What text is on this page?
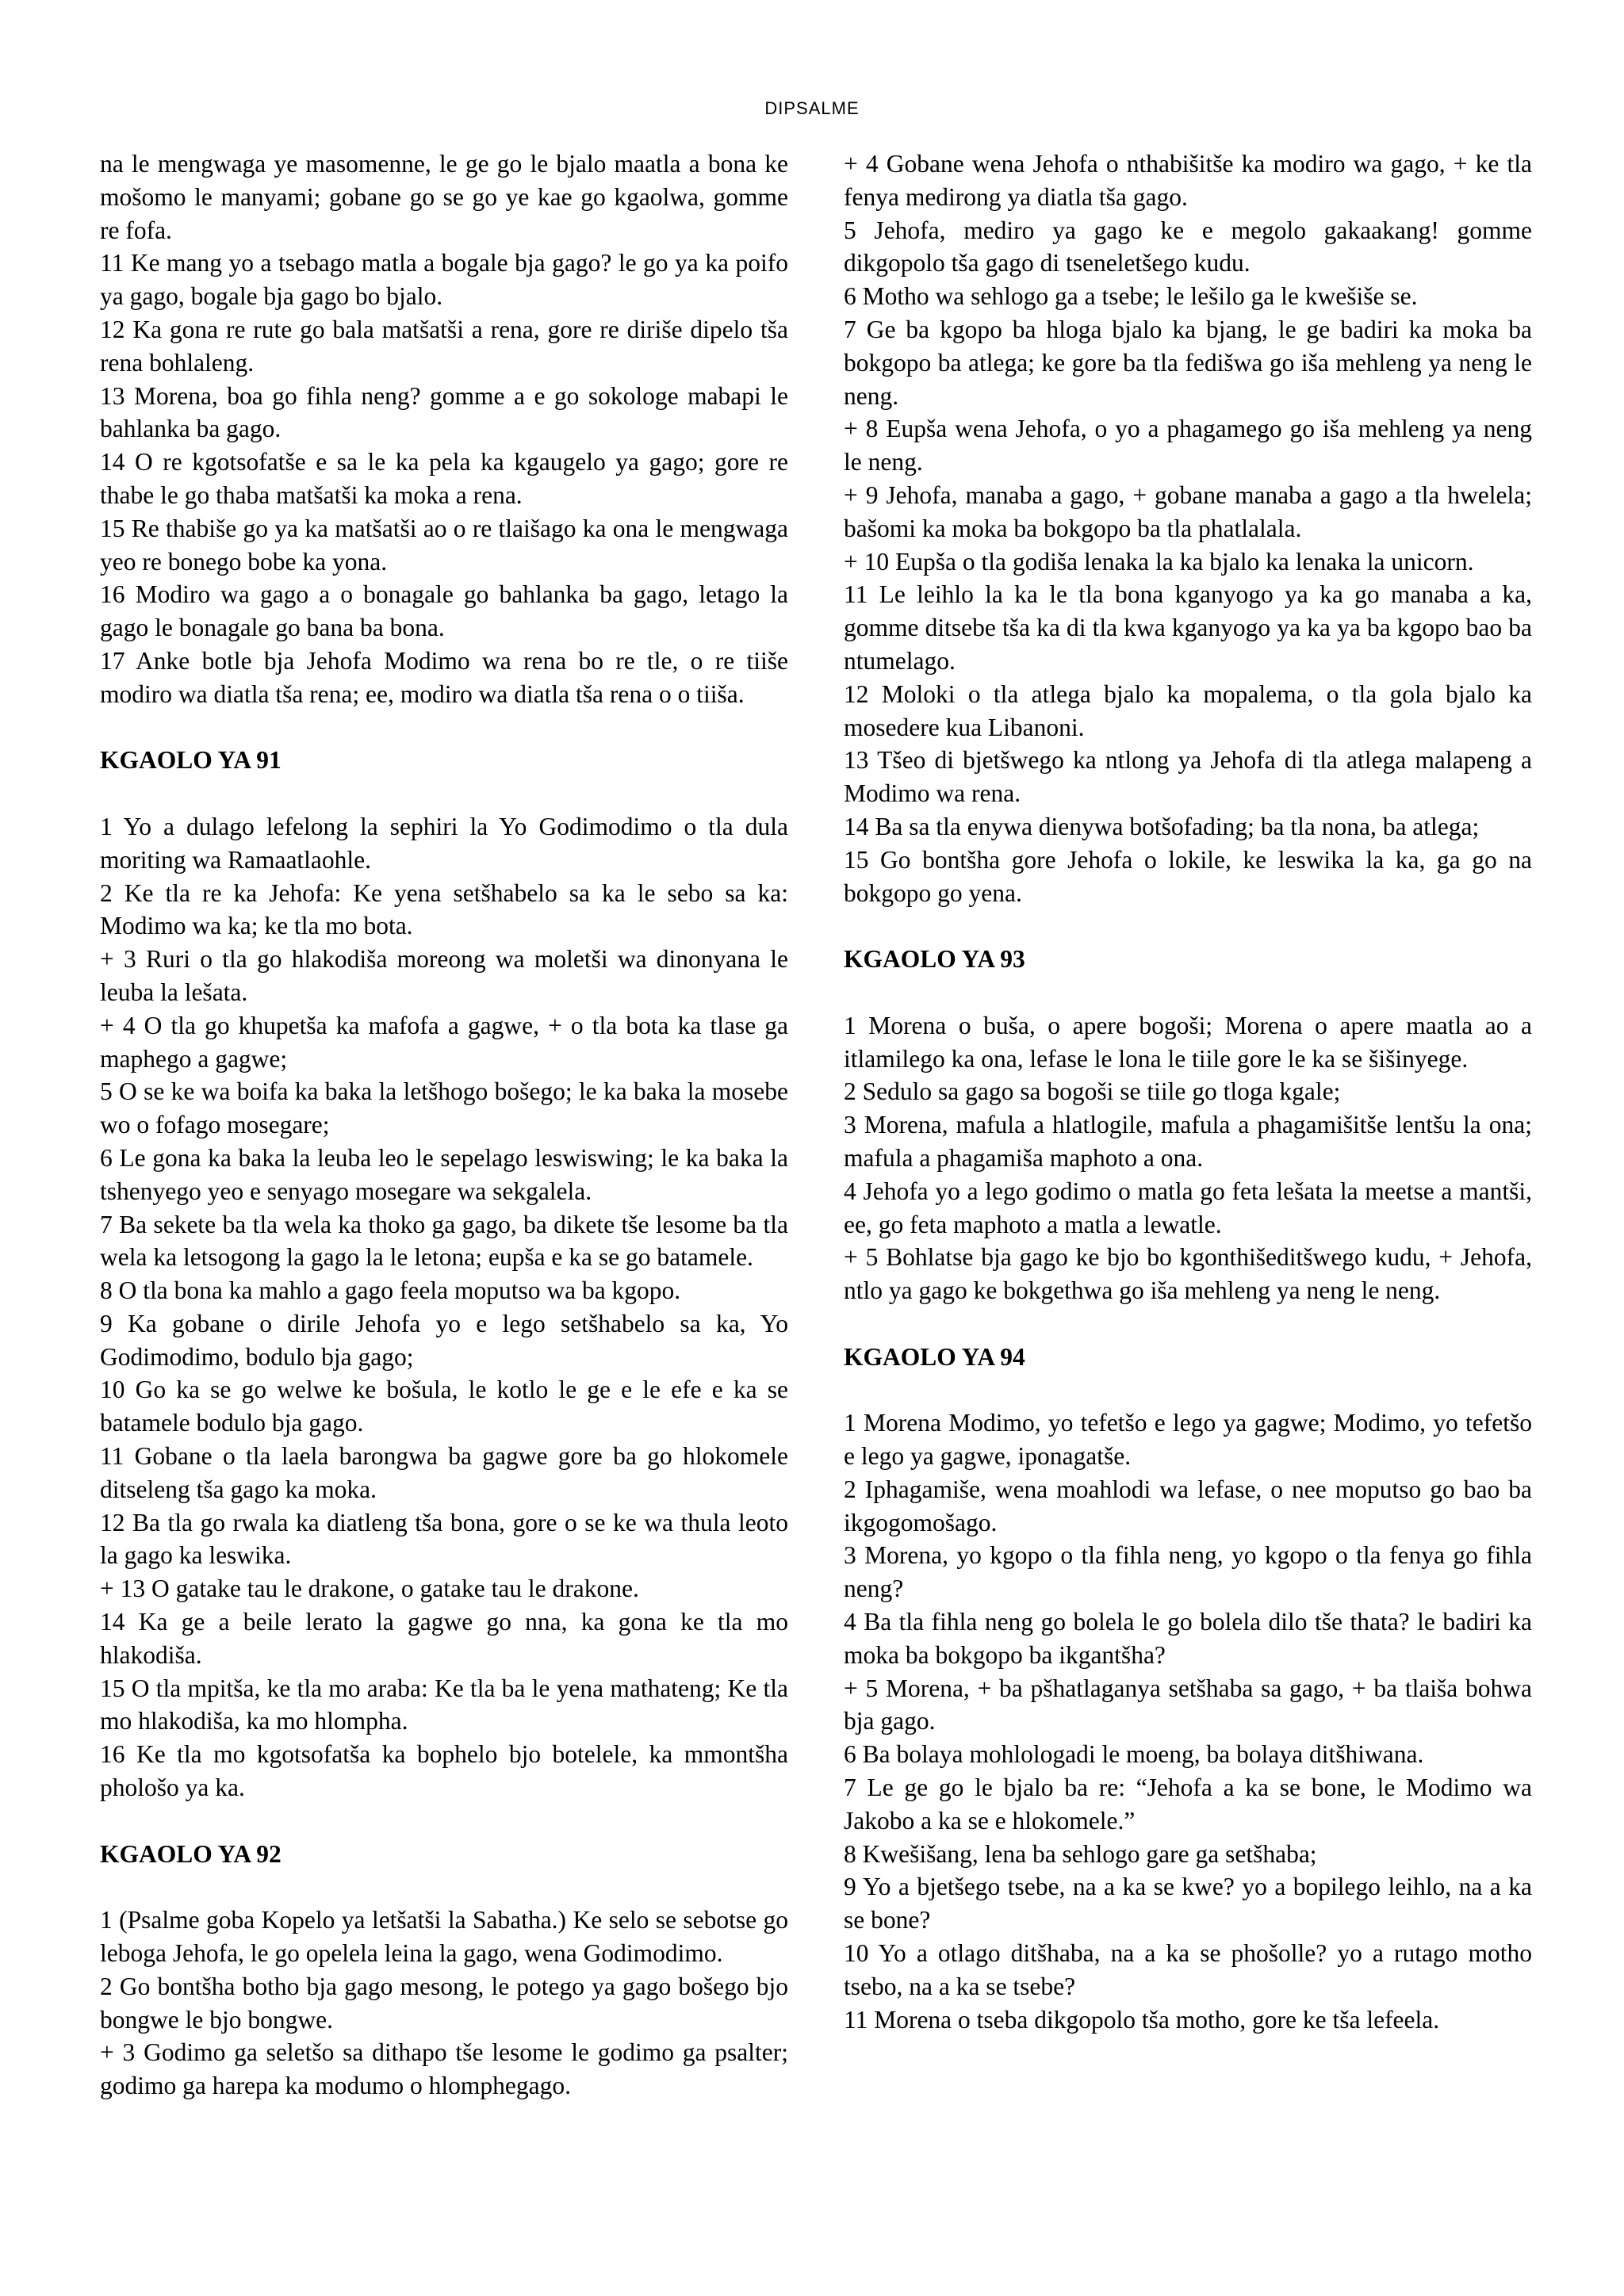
DIPSALME

na le mengwaga ye masomenne, le ge go le bjalo maatla a bona ke mošomo le manyami; gobane go se go ye kae go kgaolwa, gomme re fofa.

11 Ke mang yo a tsebago matla a bogale bja gago? le go ya ka poifo ya gago, bogale bja gago bo bjalo.

12 Ka gona re rute go bala matšatši a rena, gore re diriše dipelo tša rena bohlaleng.

13 Morena, boa go fihla neng? gomme a e go sokologe mabapi le bahlanka ba gago.

14 O re kgotsofatše e sa le ka pela ka kgaugelo ya gago; gore re thabe le go thaba matšatši ka moka a rena.

15 Re thabiše go ya ka matšatši ao o re tlaišago ka ona le mengwaga yeo re bonego bobe ka yona.

16 Modiro wa gago a o bonagale go bahlanka ba gago, letago la gago le bonagale go bana ba bona.

17 Anke botle bja Jehofa Modimo wa rena bo re tle, o re tiiše modiro wa diatla tša rena; ee, modiro wa diatla tša rena o o tiiša.

KGAOLO YA 91

1 Yo a dulago lefelong la sephiri la Yo Godimodimo o tla dula moriting wa Ramaatlaohle.

2 Ke tla re ka Jehofa: Ke yena setšhabelo sa ka le sebo sa ka: Modimo wa ka; ke tla mo bota.

+ 3 Ruri o tla go hlakodiša moreong wa moletši wa dinonyana le leuba la lešata.

+ 4 O tla go khupetša ka mafofa a gagwe, + o tla bota ka tlase ga maphego a gagwe;

5 O se ke wa boifa ka baka la letšhogo bošego; le ka baka la mosebe wo o fofago mosegare;

6 Le gona ka baka la leuba leo le sepelago leswiswing; le ka baka la tshenyego yeo e senyago mosegare wa sekgalela.

7 Ba sekete ba tla wela ka thoko ga gago, ba dikete tše lesome ba tla wela ka letsogong la gago la le letona; eupša e ka se go batamele.

8 O tla bona ka mahlo a gago feela moputso wa ba kgopo.

9 Ka gobane o dirile Jehofa yo e lego setšhabelo sa ka, Yo Godimodimo, bodulo bja gago;

10 Go ka se go welwe ke bošula, le kotlo le ge e le efe e ka se batamele bodulo bja gago.

11 Gobane o tla laela barongwa ba gagwe gore ba go hlokomele ditseleng tša gago ka moka.

12 Ba tla go rwala ka diatleng tša bona, gore o se ke wa thula leoto la gago ka leswika.

+ 13 O gatake tau le drakone, o gatake tau le drakone.

14 Ka ge a beile lerato la gagwe go nna, ka gona ke tla mo hlakodiša.

15 O tla mpitša, ke tla mo araba: Ke tla ba le yena mathateng; Ke tla mo hlakodiša, ka mo hlompha.

16 Ke tla mo kgotsofatša ka bophelo bjo botelele, ka mmontšha phološo ya ka.

KGAOLO YA 92

1 (Psalme goba Kopelo ya letšatši la Sabatha.) Ke selo se sebotse go leboga Jehofa, le go opelela leina la gago, wena Godimodimo.

2 Go bontšha botho bja gago mesong, le potego ya gago bošego bjo bongwe le bjo bongwe.

+ 3 Godimo ga seletšo sa dithapo tše lesome le godimo ga psalter; godimo ga harepa ka modumo o hlomphegago.

+ 4 Gobane wena Jehofa o nthabišitše ka modiro wa gago, + ke tla fenya medirong ya diatla tša gago.

5 Jehofa, mediro ya gago ke e megolo gakaakang! gomme dikgopolo tša gago di tseneletšego kudu.

6 Motho wa sehlogo ga a tsebe; le lešilo ga le kwešiše se.

7 Ge ba kgopo ba hloga bjalo ka bjang, le ge badiri ka moka ba bokgopo ba atlega; ke gore ba tla fedišwa go iša mehleng ya neng le neng.

+ 8 Eupša wena Jehofa, o yo a phagamego go iša mehleng ya neng le neng.

+ 9 Jehofa, manaba a gago, + gobane manaba a gago a tla hwelela; bašomi ka moka ba bokgopo ba tla phatlalala.

+ 10 Eupša o tla godiša lenaka la ka bjalo ka lenaka la unicorn.

11 Le leihlo la ka le tla bona kganyogo ya ka go manaba a ka, gomme ditsebe tša ka di tla kwa kganyogo ya ka ya ba kgopo bao ba ntumelago.

12 Moloki o tla atlega bjalo ka mopalema, o tla gola bjalo ka mosedere kua Libanoni.

13 Tšeo di bjetšwego ka ntlong ya Jehofa di tla atlega malapeng a Modimo wa rena.

14 Ba sa tla enywa dienywa botšofading; ba tla nona, ba atlega;

15 Go bontšha gore Jehofa o lokile, ke leswika la ka, ga go na bokgopo go yena.

KGAOLO YA 93

1 Morena o buša, o apere bogoši; Morena o apere maatla ao a itlamilego ka ona, lefase le lona le tiile gore le ka se šišinyege.

2 Sedulo sa gago sa bogoši se tiile go tloga kgale;

3 Morena, mafula a hlatlogile, mafula a phagamišitše lentšu la ona; mafula a phagamiša maphoto a ona.

4 Jehofa yo a lego godimo o matla go feta lešata la meetse a mantši, ee, go feta maphoto a matla a lewatle.

+ 5 Bohlatse bja gago ke bjo bo kgonthišeditšwego kudu, + Jehofa, ntlo ya gago ke bokgethwa go iša mehleng ya neng le neng.

KGAOLO YA 94

1 Morena Modimo, yo tefetšo e lego ya gagwe; Modimo, yo tefetšo e lego ya gagwe, iponagatše.

2 Iphagamiše, wena moahlodi wa lefase, o nee moputso go bao ba ikgogomošago.

3 Morena, yo kgopo o tla fihla neng, yo kgopo o tla fenya go fihla neng?

4 Ba tla fihla neng go bolela le go bolela dilo tše thata? le badiri ka moka ba bokgopo ba ikgantšha?

+ 5 Morena, + ba pšhatlaganya setšhaba sa gago, + ba tlaiša bohwa bja gago.

6 Ba bolaya mohlologadi le moeng, ba bolaya ditšhiwana.

7 Le ge go le bjalo ba re: “Jehofa a ka se bone, le Modimo wa Jakobo a ka se e hlokomele.”

8 Kwešišang, lena ba sehlogo gare ga setšhaba;

9 Yo a bjetšego tsebe, na a ka se kwe? yo a bopilego leihlo, na a ka se bone?

10 Yo a otlago ditšhaba, na a ka se phošolle? yo a rutago motho tsebo, na a ka se tsebe?

11 Morena o tseba dikgopolo tša motho, gore ke tša lefeela.
